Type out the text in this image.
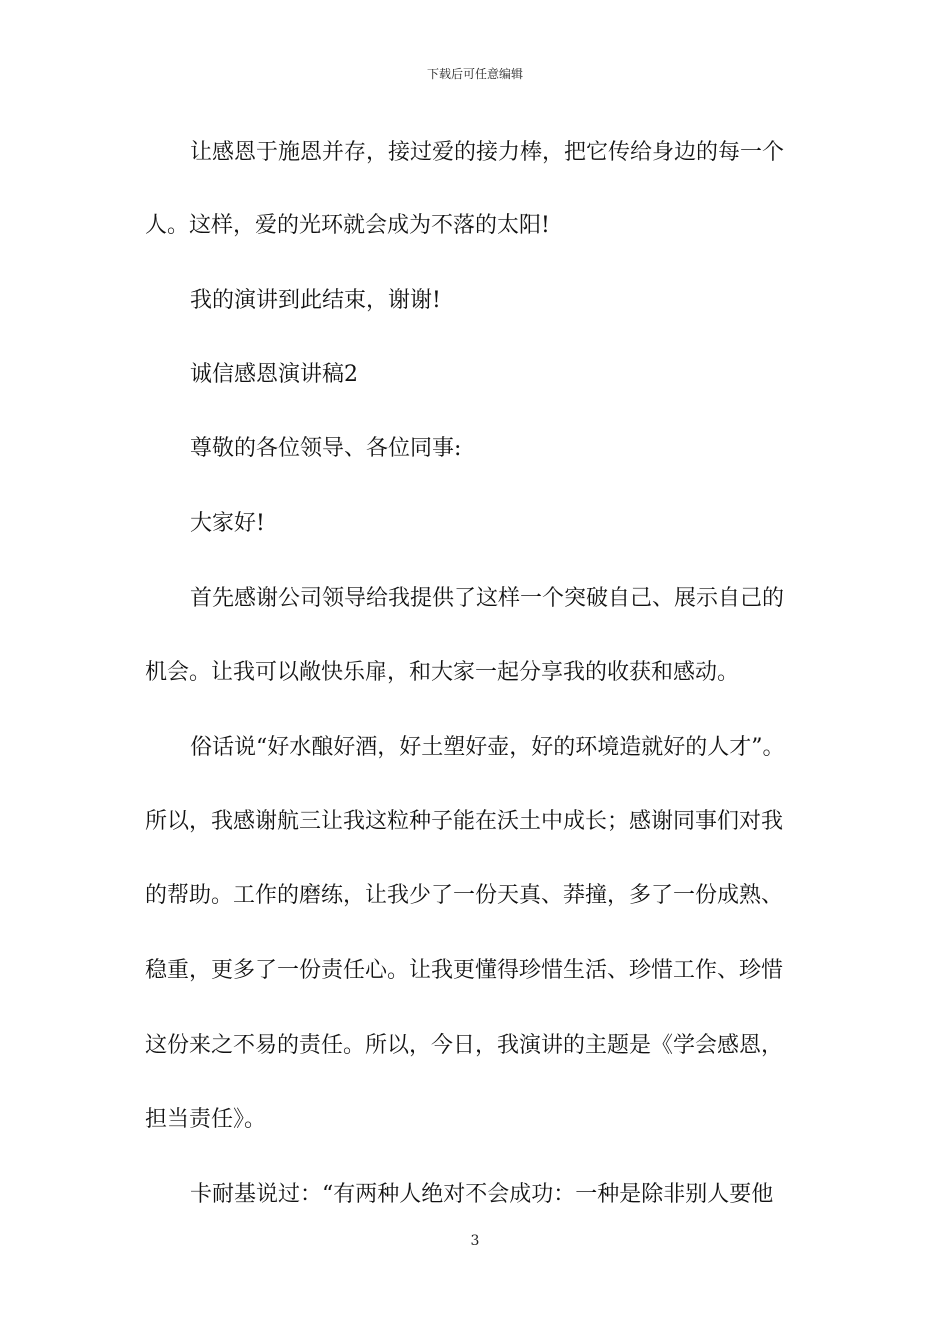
下载后可任意编辑
让感恩于施恩并存，接过爱的接力棒，把它传给身边的每一个
人。这样，爱的光环就会成为不落的太阳!
我的演讲到此结束，谢谢!
诚信感恩演讲稿2
尊敬的各位领导、各位同事:
大家好!
首先感谢公司领导给我提供了这样一个突破自己、展示自己的
机会。让我可以敞快乐扉，和大家一起分享我的收获和感动。
俗话说“好水酿好酒，好土塑好壶，好的环境造就好的人才”。
所以，我感谢航三让我这粒种子能在沃土中成长；感谢同事们对我
的帮助。工作的磨练，让我少了一份天真、莽撞，多了一份成熟、
稳重，更多了一份责任心。让我更懂得珍惜生活、珍惜工作、珍惜
这份来之不易的责任。所以，今日，我演讲的主题是《学会感恩，
担当责任》。
卡耐基说过：“有两种人绝对不会成功：一种是除非别人要他
3
